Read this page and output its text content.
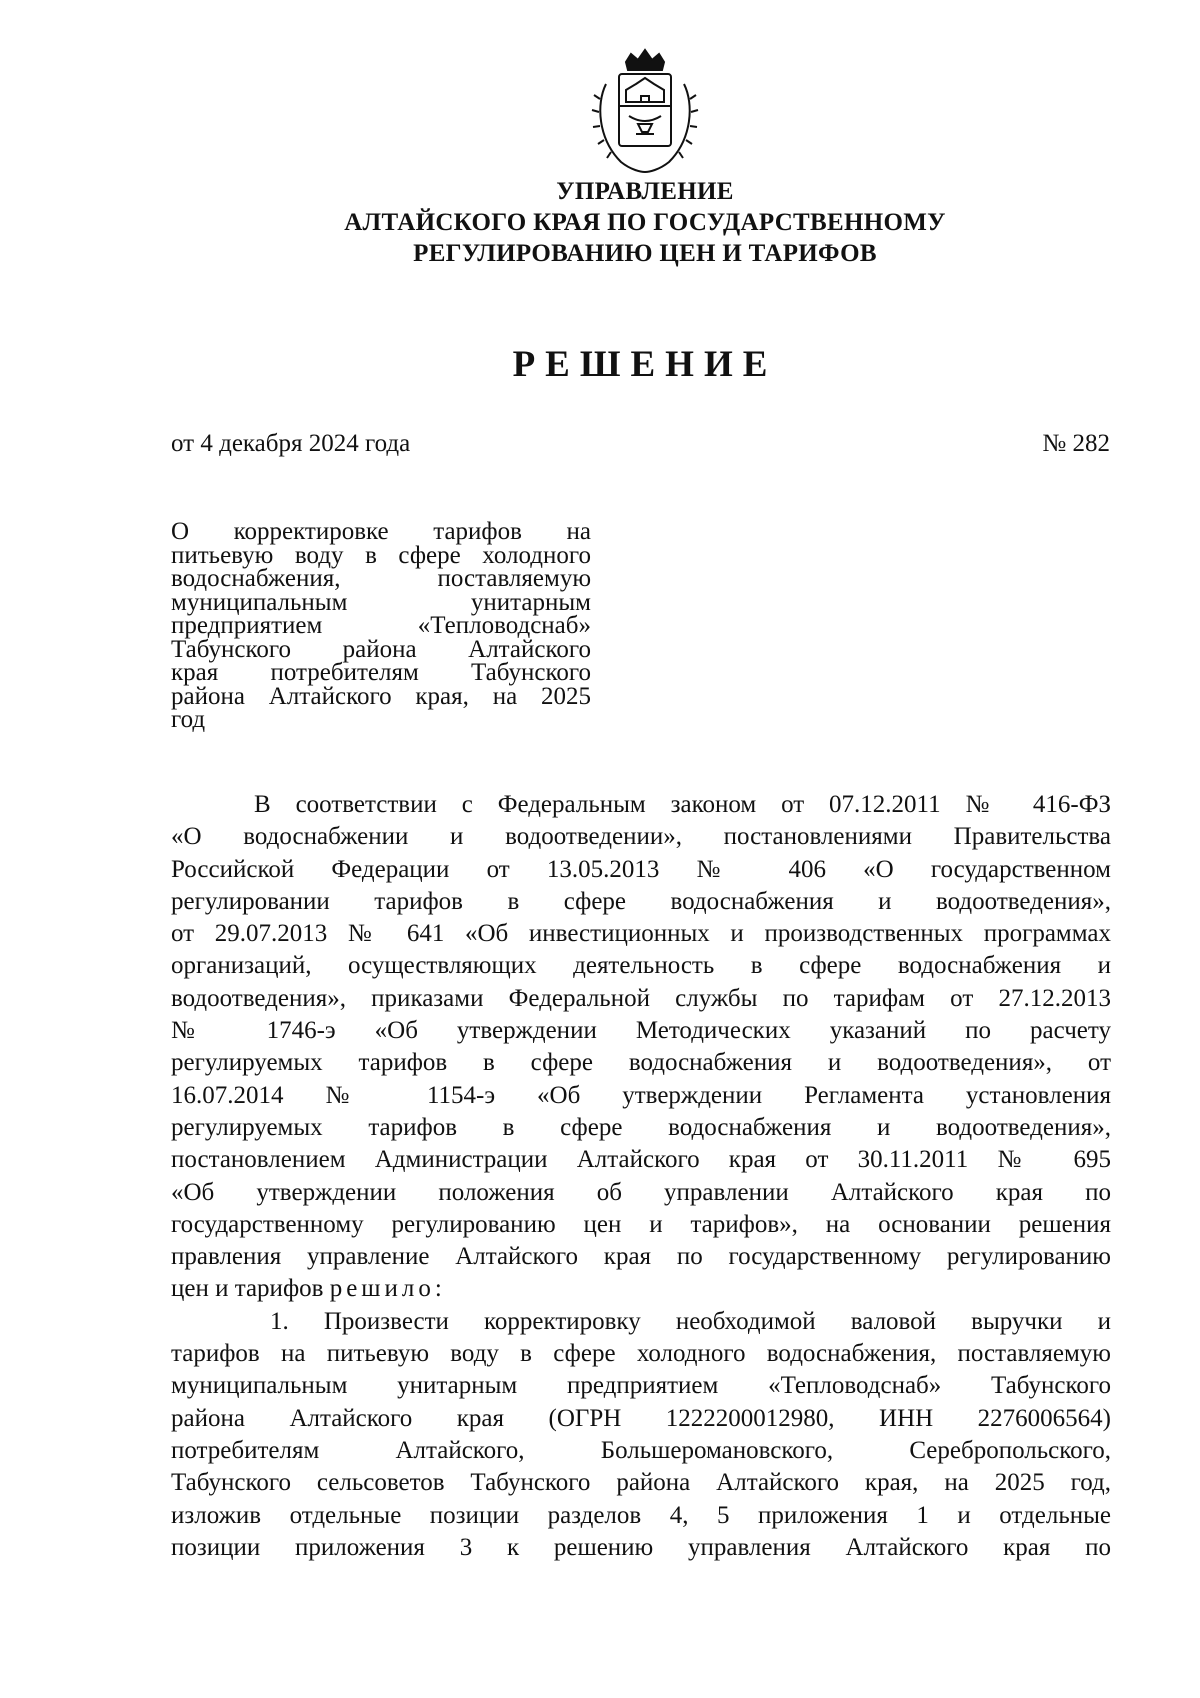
УПРАВЛЕНИЕ
АЛТАЙСКОГО КРАЯ ПО ГОСУДАРСТВЕННОМУ
РЕГУЛИРОВАНИЮ ЦЕН И ТАРИФОВ
РЕШЕНИЕ
от 4 декабря 2024 года	№ 282
О корректировке тарифов на
питьевую воду в сфере холодного
водоснабжения, поставляемую
муниципальным унитарным
предприятием «Тепловодснаб»
Табунского района Алтайского
края потребителям Табунского
района Алтайского края, на 2025
год
В соответствии с Федеральным законом от 07.12.2011 № 416-ФЗ
«О водоснабжении и водоотведении», постановлениями Правительства
Российской Федерации от 13.05.2013 № 406 «О государственном
регулировании тарифов в сфере водоснабжения и водоотведения»,
от 29.07.2013 № 641 «Об инвестиционных и производственных программах
организаций, осуществляющих деятельность в сфере водоснабжения и
водоотведения», приказами Федеральной службы по тарифам от 27.12.2013
№ 1746-э «Об утверждении Методических указаний по расчету
регулируемых тарифов в сфере водоснабжения и водоотведения», от
16.07.2014 № 1154-э «Об утверждении Регламента установления
регулируемых тарифов в сфере водоснабжения и водоотведения»,
постановлением Администрации Алтайского края от 30.11.2011 № 695
«Об утверждении положения об управлении Алтайского края по
государственному регулированию цен и тарифов», на основании решения
правления управление Алтайского края по государственному регулированию
цен и тарифов решило:
1. Произвести корректировку необходимой валовой выручки и
тарифов на питьевую воду в сфере холодного водоснабжения, поставляемую
муниципальным унитарным предприятием «Тепловодснаб» Табунского
района Алтайского края (ОГРН 1222200012980, ИНН 2276006564)
потребителям Алтайского, Большеромановского, Серебропольского,
Табунского сельсоветов Табунского района Алтайского края, на 2025 год,
изложив отдельные позиции разделов 4, 5 приложения 1 и отдельные
позиции приложения 3 к решению управления Алтайского края по
